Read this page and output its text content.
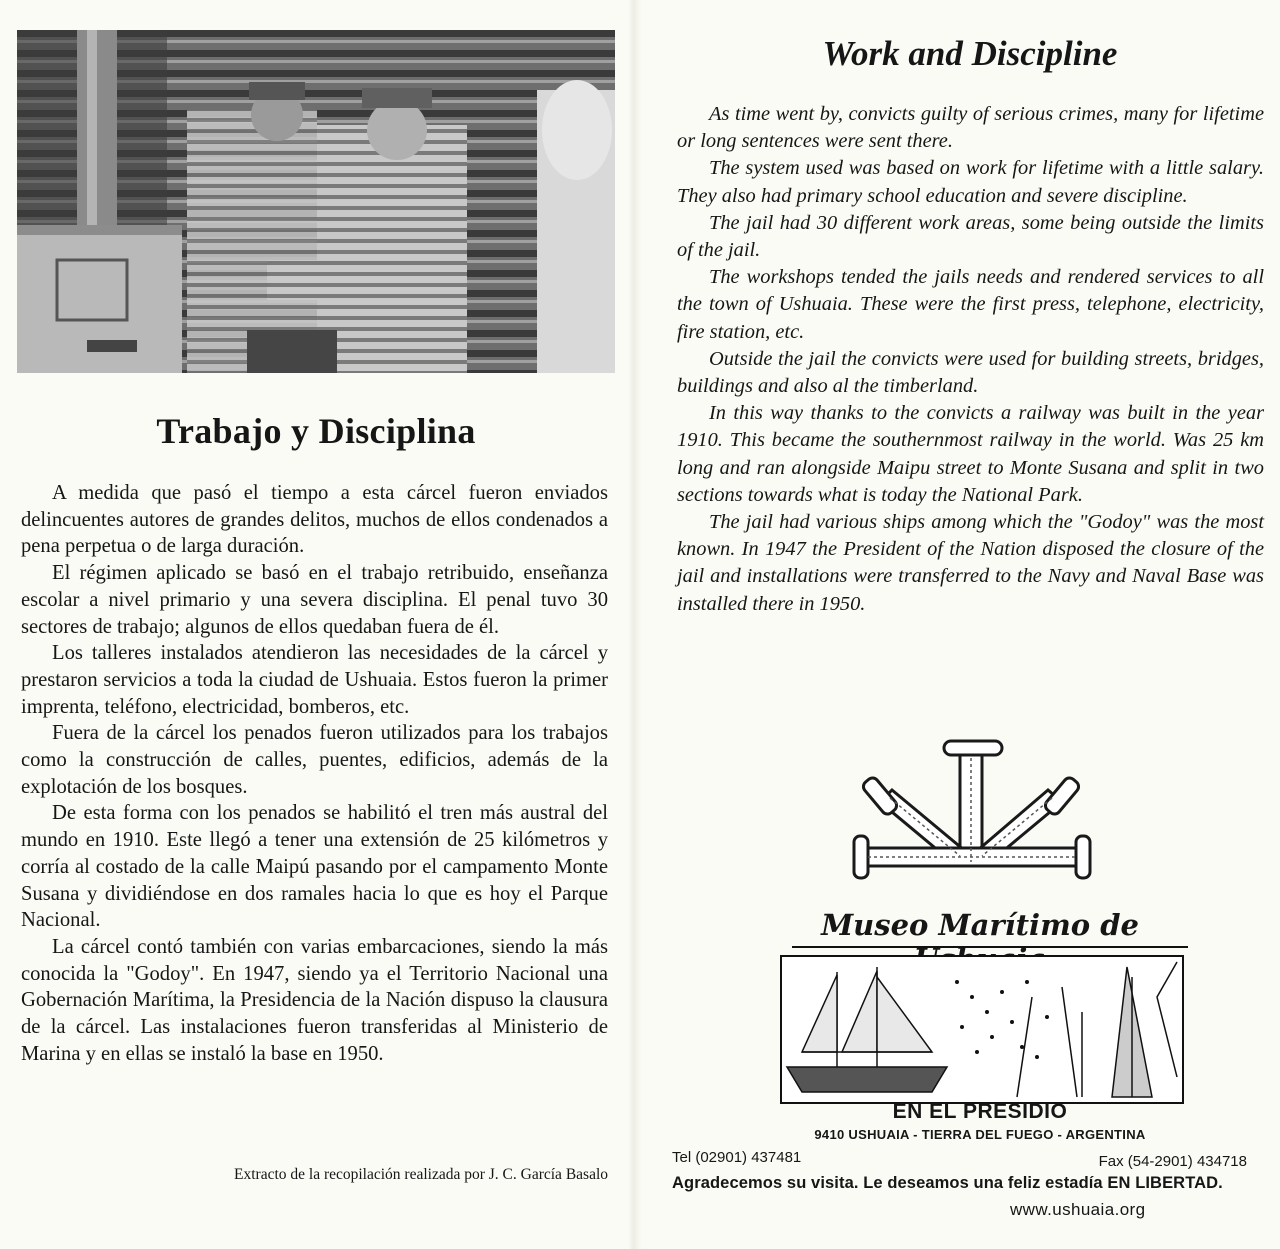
Trabajo y Disciplina

A medida que pasó el tiempo a esta cárcel fueron enviados delincuentes autores de grandes delitos, muchos de ellos condenados a pena perpetua o de larga duración.

El régimen aplicado se basó en el trabajo retribuido, enseñanza escolar a nivel primario y una severa disciplina. El penal tuvo 30 sectores de trabajo; algunos de ellos quedaban fuera de él.

Los talleres instalados atendieron las necesidades de la cárcel y prestaron servicios a toda la ciudad de Ushuaia. Estos fueron la primer imprenta, teléfono, electricidad, bomberos, etc.

Fuera de la cárcel los penados fueron utilizados para los trabajos como la construcción de calles, puentes, edificios, además de la explotación de los bosques.

De esta forma con los penados se habilitó el tren más austral del mundo en 1910. Este llegó a tener una extensión de 25 kilómetros y corría al costado de la calle Maipú pasando por el campamento Monte Susana y dividiéndose en dos ramales hacia lo que es hoy el Parque Nacional.

La cárcel contó también con varias embarcaciones, siendo la más conocida la "Godoy". En 1947, siendo ya el Territorio Nacional una Gobernación Marítima, la Presidencia de la Nación dispuso la clausura de la cárcel. Las instalaciones fueron transferidas al Ministerio de Marina y en ellas se instaló la base en 1950.

Extracto de la recopilación realizada por J. C. García Basalo
Work and Discipline

As time went by, convicts guilty of serious crimes, many for lifetime or long sentences were sent there.

The system used was based on work for lifetime with a little salary. They also had primary school education and severe discipline.

The jail had 30 different work areas, some being outside the limits of the jail.

The workshops tended the jails needs and rendered services to all the town of Ushuaia. These were the first press, telephone, electricity, fire station, etc.

Outside the jail the convicts were used for building streets, bridges, buildings and also al the timberland.

In this way thanks to the convicts a railway was built in the year 1910. This became the southernmost railway in the world. Was 25 km long and ran alongside Maipu street to Monte Susana and split in two sections towards what is today the National Park.

The jail had various ships among which the "Godoy" was the most known. In 1947 the President of the Nation disposed the closure of the jail and installations were transferred to the Navy and Naval Base was installed there in 1950.

Museo Marítimo de
EN EL PRESIDIO
9410 USHUAIA - TIERRA DEL FUEGO - ARGENTINA
Tel (02901) 437481	Fax (54-2901) 434718
Agradecemos su visita. Le deseamos una feliz estadía EN LIBERTAD.
www.ushuaia.org
